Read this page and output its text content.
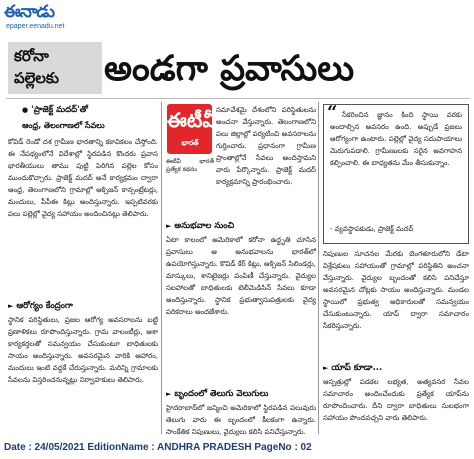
ఈనాడు
epaper.eenadu.net
కరోనా
పల్లెలకు	అండగా ప్రవాసులు
● 'ప్రాజెక్ట్ మదద్'తో
ఆంధ్ర, తెలంగాణలో సేవలు
కోవిడ్ రెండో దశ గ్రామీణ భారతాన్ని కకావికలం చేస్తోంది. ఈ నేపథ్యంలోనే విదేశాల్లో స్థిరపడిన కొందరు ప్రవాస భారతీయులు తాము పుట్టి పెరిగిన పల్లెల కోసం ముందుకొచ్చారు. ప్రాజెక్ట్ మదద్ అనే కార్యక్రమం ద్వారా ఆంధ్ర, తెలంగాణలోని గ్రామాల్లో ఆక్సిజన్ కాన్సంట్రేటర్లు, మందులు, పీపీఈ కిట్లు అందిస్తున్నారు. ఇప్పటివరకు పలు పల్లెల్లో వైద్య సహాయం అందించినట్లు తెలిపారు.
► ఆరోగ్యం కేంద్రంగా
స్థానిక పరిస్థితులు, ప్రజల ఆరోగ్య అవసరాలను బట్టి ప్రణాళికలు రూపొందిస్తున్నారు. గ్రామ వాలంటీర్లు, ఆశా కార్యకర్తలతో సమన్వయం చేసుకుంటూ బాధితులకు సాయం అందిస్తున్నారు. అవసరమైన వారికి ఆహారం, మందులు ఇంటి వద్దకే చేరుస్తున్నారు. మరిన్ని గ్రామాలకు సేవలను విస్తరించనున్నట్లు నిర్వాహకులు తెలిపారు.
ఈటీవీ
భారత్
సమావేశమై దేశంలోని పరిస్థితులను అంచనా వేస్తున్నారు. తెలంగాణలోని పలు జిల్లాల్లో పర్యటించి అవసరాలను గుర్తించారు. ప్రధానంగా గ్రామీణ ప్రాంతాల్లోనే సేవలు అందిస్తామని వారు పేర్కొన్నారు. ప్రాజెక్ట్ మదద్ కార్యక్రమాన్ని ప్రారంభించారు.
ఈటీవీ భారత్ ప్రత్యేక కథనం
► అనుభవాల నుంచి
ఏటా కాలంలో అమెరికాలో కరోనా ఉద్ధృతి చూసిన ప్రవాసులు ఆ అనుభవాలను భారత్‌లో ఉపయోగిస్తున్నారు. కొవిడ్ కేర్ కిట్లు, ఆక్సిజన్ సిలిండర్లు, మాస్కులు, శానిటైజర్లు పంపిణీ చేస్తున్నారు. వైద్యుల సలహాలతో బాధితులకు టెలీమెడిసిన్ సేవలు కూడా అందిస్తున్నారు. స్థానిక ప్రభుత్వాసుపత్రులకు వైద్య పరికరాలు అందజేశారు.
► బృందంలో తెలుగు వెలుగులు
హైదరాబాద్‌లో జన్మించి అమెరికాలో స్థిరపడిన పలువురు తెలుగు వారు ఈ బృందంలో కీలకంగా ఉన్నారు. సాంకేతిక నిపుణులు, వైద్యులు కలిసి పనిచేస్తున్నారు.
సేకరించిన జ్ఞానం కింది స్థాయి వరకు అందాల్సిన అవసరం ఉంది. అప్పుడే ప్రజలు ఆరోగ్యంగా ఉంటారు. పల్లెల్లో వైద్య సదుపాయాలు మెరుగుపడాలి. గ్రామీణులకు సరైన అవగాహన కల్పించాలి. ఈ బాధ్యతను మేం తీసుకున్నాం.
- వ్యవస్థాపకుడు, ప్రాజెక్ట్ మదద్
“
నిపుణుల సూచనల మేరకు బెంగళూరులోని డేటా విశ్లేషకులు సహాయంతో గ్రామాల్లో పరిస్థితిని అంచనా వేస్తున్నారు. వైద్యుల బృందంతో కలిసి పనిచేస్తూ అవసరమైన చోట్లకు సాయం అందిస్తున్నారు. మండల స్థాయిలో ప్రభుత్వ అధికారులతో సమన్వయం చేసుకుంటున్నారు. యాప్ ద్వారా సమాచారం సేకరిస్తున్నారు.
► యాప్ కూడా...
ఆస్పత్రుల్లో పడకల లభ్యత, అత్యవసర సేవల సమాచారం అందించేందుకు ప్రత్యేక యాప్‌ను రూపొందించారు. దీని ద్వారా బాధితులు సులభంగా సహాయం పొందవచ్చని వారు తెలిపారు.
Date : 24/05/2021 EditionName : ANDHRA PRADESH PageNo : 02
